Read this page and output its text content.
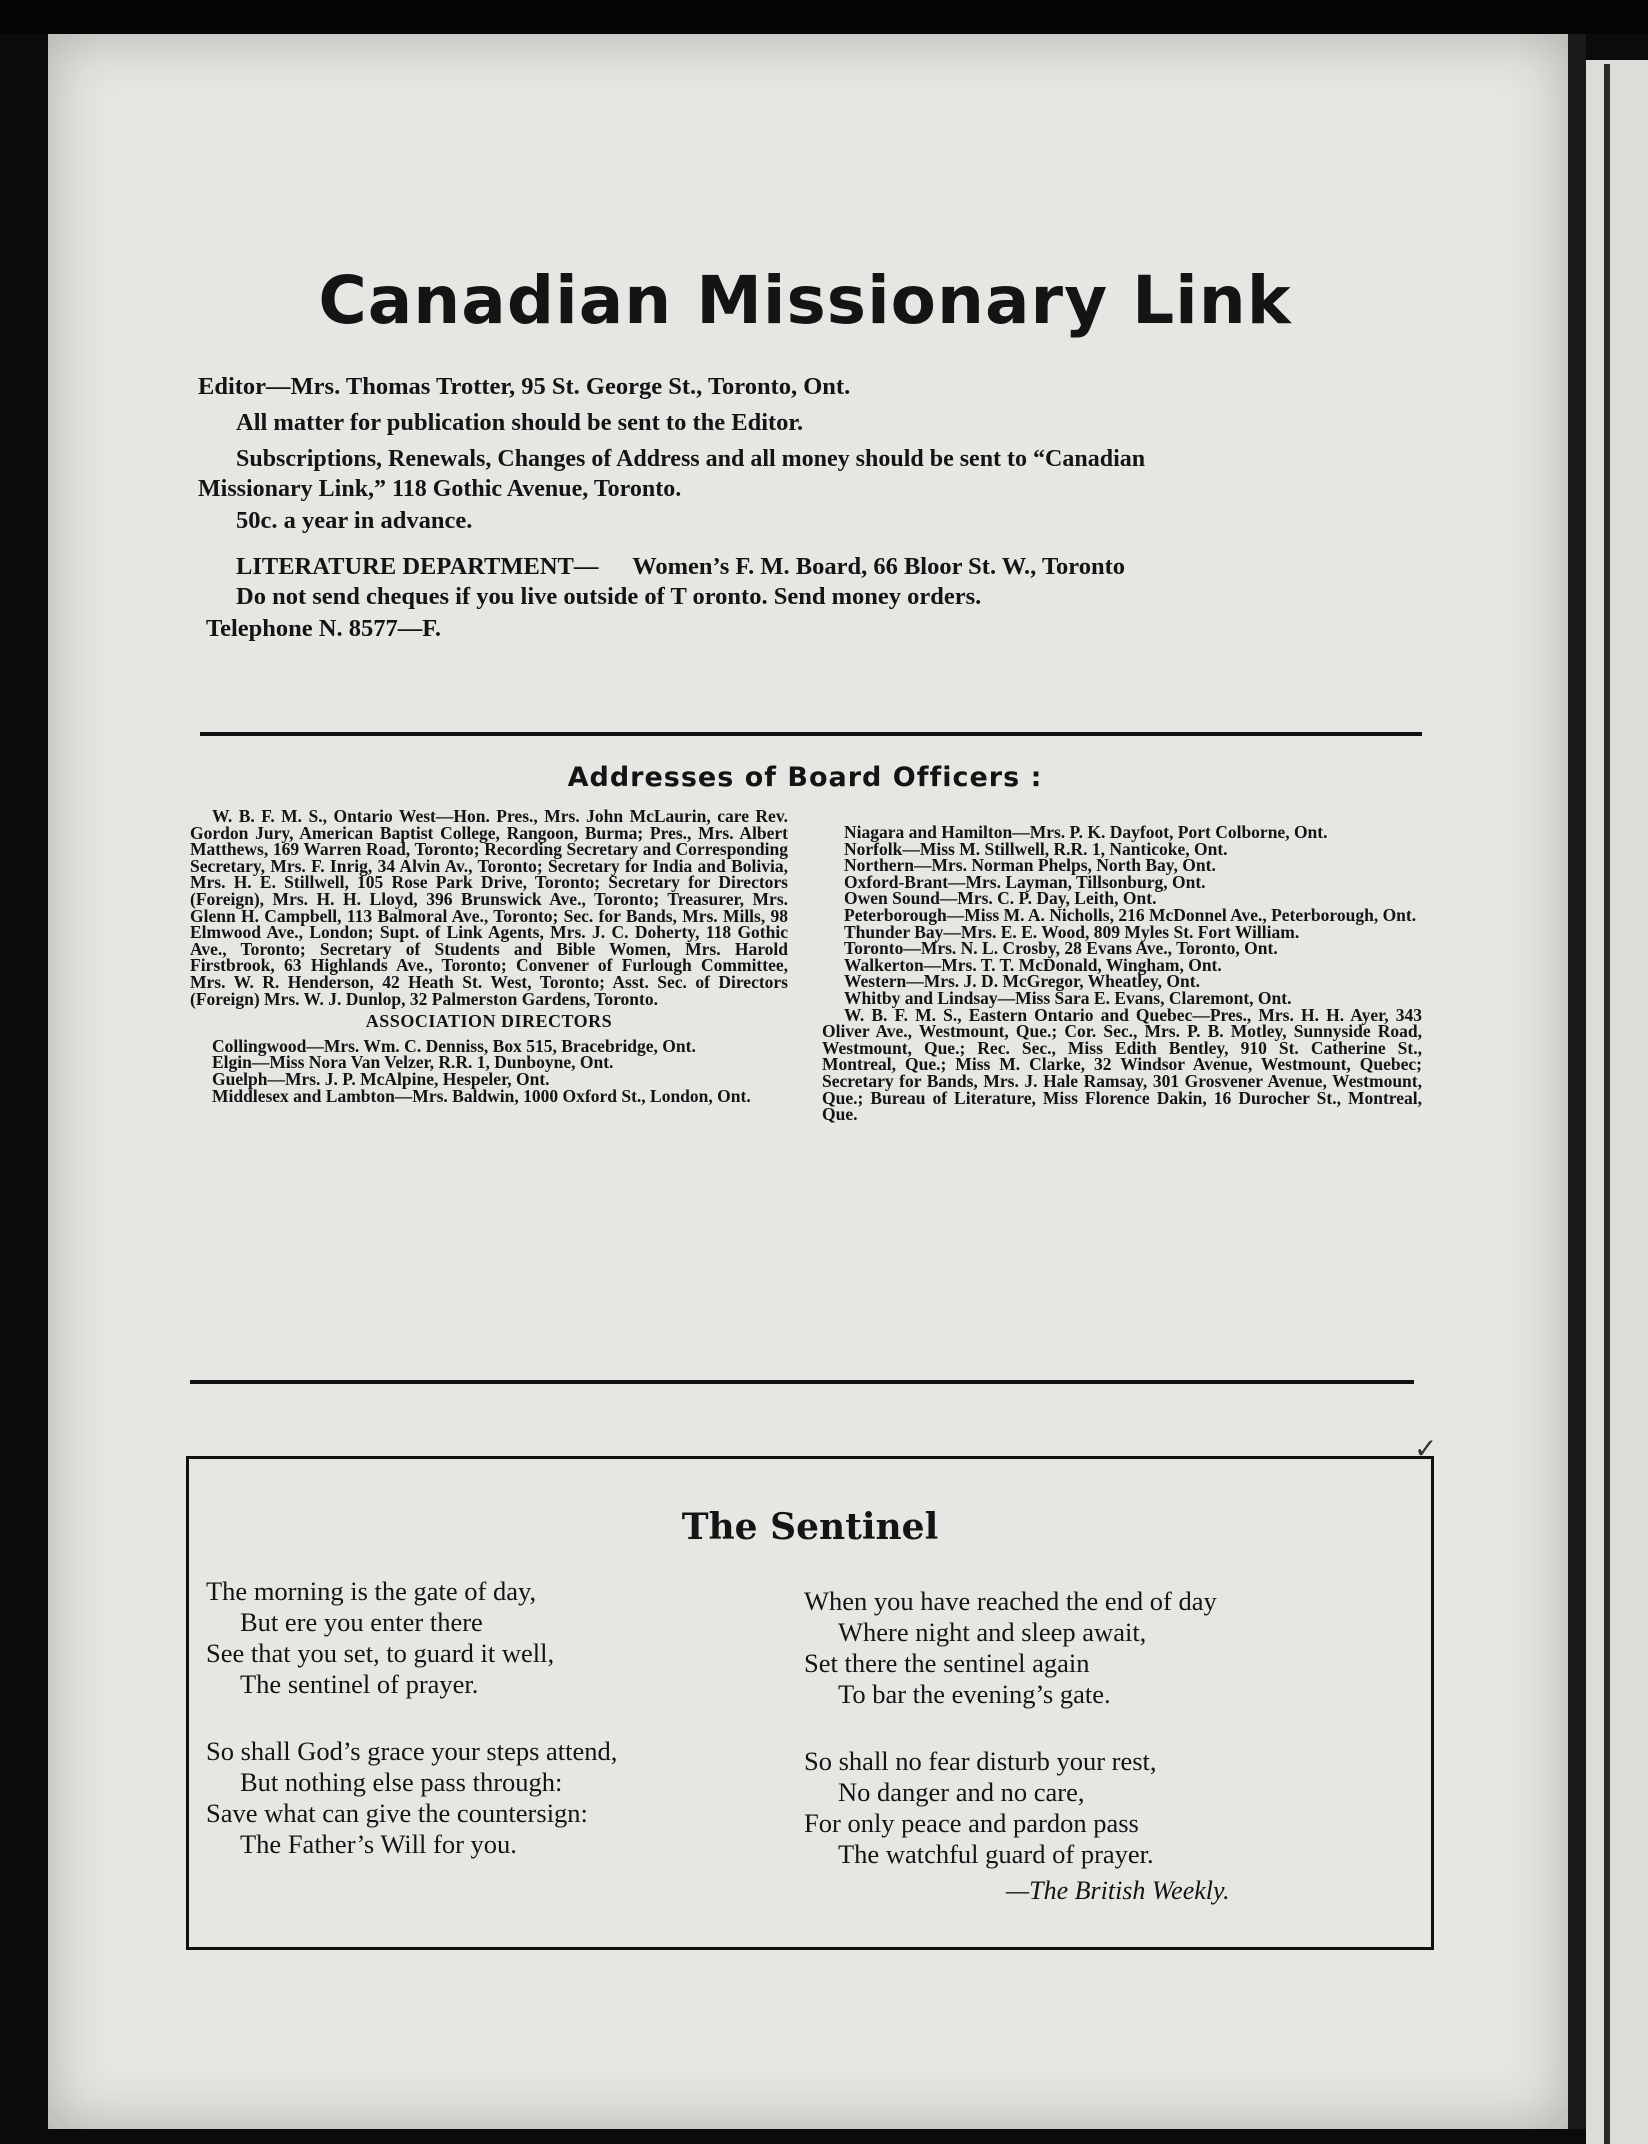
Canadian Missionary Link
Editor—Mrs. Thomas Trotter, 95 St. George St., Toronto, Ont.
All matter for publication should be sent to the Editor.
Subscriptions, Renewals, Changes of Address and all money should be sent to “Canadian
Missionary Link,” 118 Gothic Avenue, Toronto.
50c. a year in advance.
LITERATURE DEPARTMENT— Women’s F. M. Board, 66 Bloor St. W., Toronto
Do not send cheques if you live outside of T oronto. Send money orders.
Telephone N. 8577—F.
Addresses of Board Officers :

W. B. F. M. S., Ontario West—Hon. Pres., Mrs. John McLaurin, care Rev. Gordon Jury, American Baptist College, Rangoon, Burma; Pres., Mrs. Albert Matthews, 169 Warren Road, Toronto; Recording Secretary and Corresponding Secretary, Mrs. F. Inrig, 34 Alvin Av., Toronto; Secretary for India and Bolivia, Mrs. H. E. Stillwell, 105 Rose Park Drive, Toronto; Secretary for Directors (Foreign), Mrs. H. H. Lloyd, 396 Brunswick Ave., Toronto; Treasurer, Mrs. Glenn H. Campbell, 113 Balmoral Ave., Toronto; Sec. for Bands, Mrs. Mills, 98 Elmwood Ave., London; Supt. of Link Agents, Mrs. J. C. Doherty, 118 Gothic Ave., Toronto; Secretary of Students and Bible Women, Mrs. Harold Firstbrook, 63 Highlands Ave., Toronto; Convener of Furlough Committee, Mrs. W. R. Henderson, 42 Heath St. West, Toronto; Asst. Sec. of Directors (Foreign) Mrs. W. J. Dunlop, 32 Palmerston Gardens, Toronto.

ASSOCIATION DIRECTORS

Collingwood—Mrs. Wm. C. Denniss, Box 515, Bracebridge, Ont.

Elgin—Miss Nora Van Velzer, R.R. 1, Dunboyne, Ont.

Guelph—Mrs. J. P. McAlpine, Hespeler, Ont.

Middlesex and Lambton—Mrs. Baldwin, 1000 Oxford St., London, Ont.

Niagara and Hamilton—Mrs. P. K. Dayfoot, Port Colborne, Ont.

Norfolk—Miss M. Stillwell, R.R. 1, Nanticoke, Ont.

Northern—Mrs. Norman Phelps, North Bay, Ont.

Oxford-Brant—Mrs. Layman, Tillsonburg, Ont.

Owen Sound—Mrs. C. P. Day, Leith, Ont.

Peterborough—Miss M. A. Nicholls, 216 McDonnel Ave., Peterborough, Ont.

Thunder Bay—Mrs. E. E. Wood, 809 Myles St. Fort William.

Toronto—Mrs. N. L. Crosby, 28 Evans Ave., Toronto, Ont.

Walkerton—Mrs. T. T. McDonald, Wingham, Ont.

Western—Mrs. J. D. McGregor, Wheatley, Ont.

Whitby and Lindsay—Miss Sara E. Evans, Claremont, Ont.

W. B. F. M. S., Eastern Ontario and Quebec—Pres., Mrs. H. H. Ayer, 343 Oliver Ave., Westmount, Que.; Cor. Sec., Mrs. P. B. Motley, Sunnyside Road, Westmount, Que.; Rec. Sec., Miss Edith Bentley, 910 St. Catherine St., Montreal, Que.; Miss M. Clarke, 32 Windsor Avenue, Westmount, Quebec; Secretary for Bands, Mrs. J. Hale Ramsay, 301 Grosvener Avenue, Westmount, Que.; Bureau of Literature, Miss Florence Dakin, 16 Durocher St., Montreal, Que.

✓
The Sentinel
The morning is the gate of day,
But ere you enter there
See that you set, to guard it well,
The sentinel of prayer.
So shall God’s grace your steps attend,
But nothing else pass through:
Save what can give the countersign:
The Father’s Will for you.
When you have reached the end of day
Where night and sleep await,
Set there the sentinel again
To bar the evening’s gate.
So shall no fear disturb your rest,
No danger and no care,
For only peace and pardon pass
The watchful guard of prayer.
—The British Weekly.
